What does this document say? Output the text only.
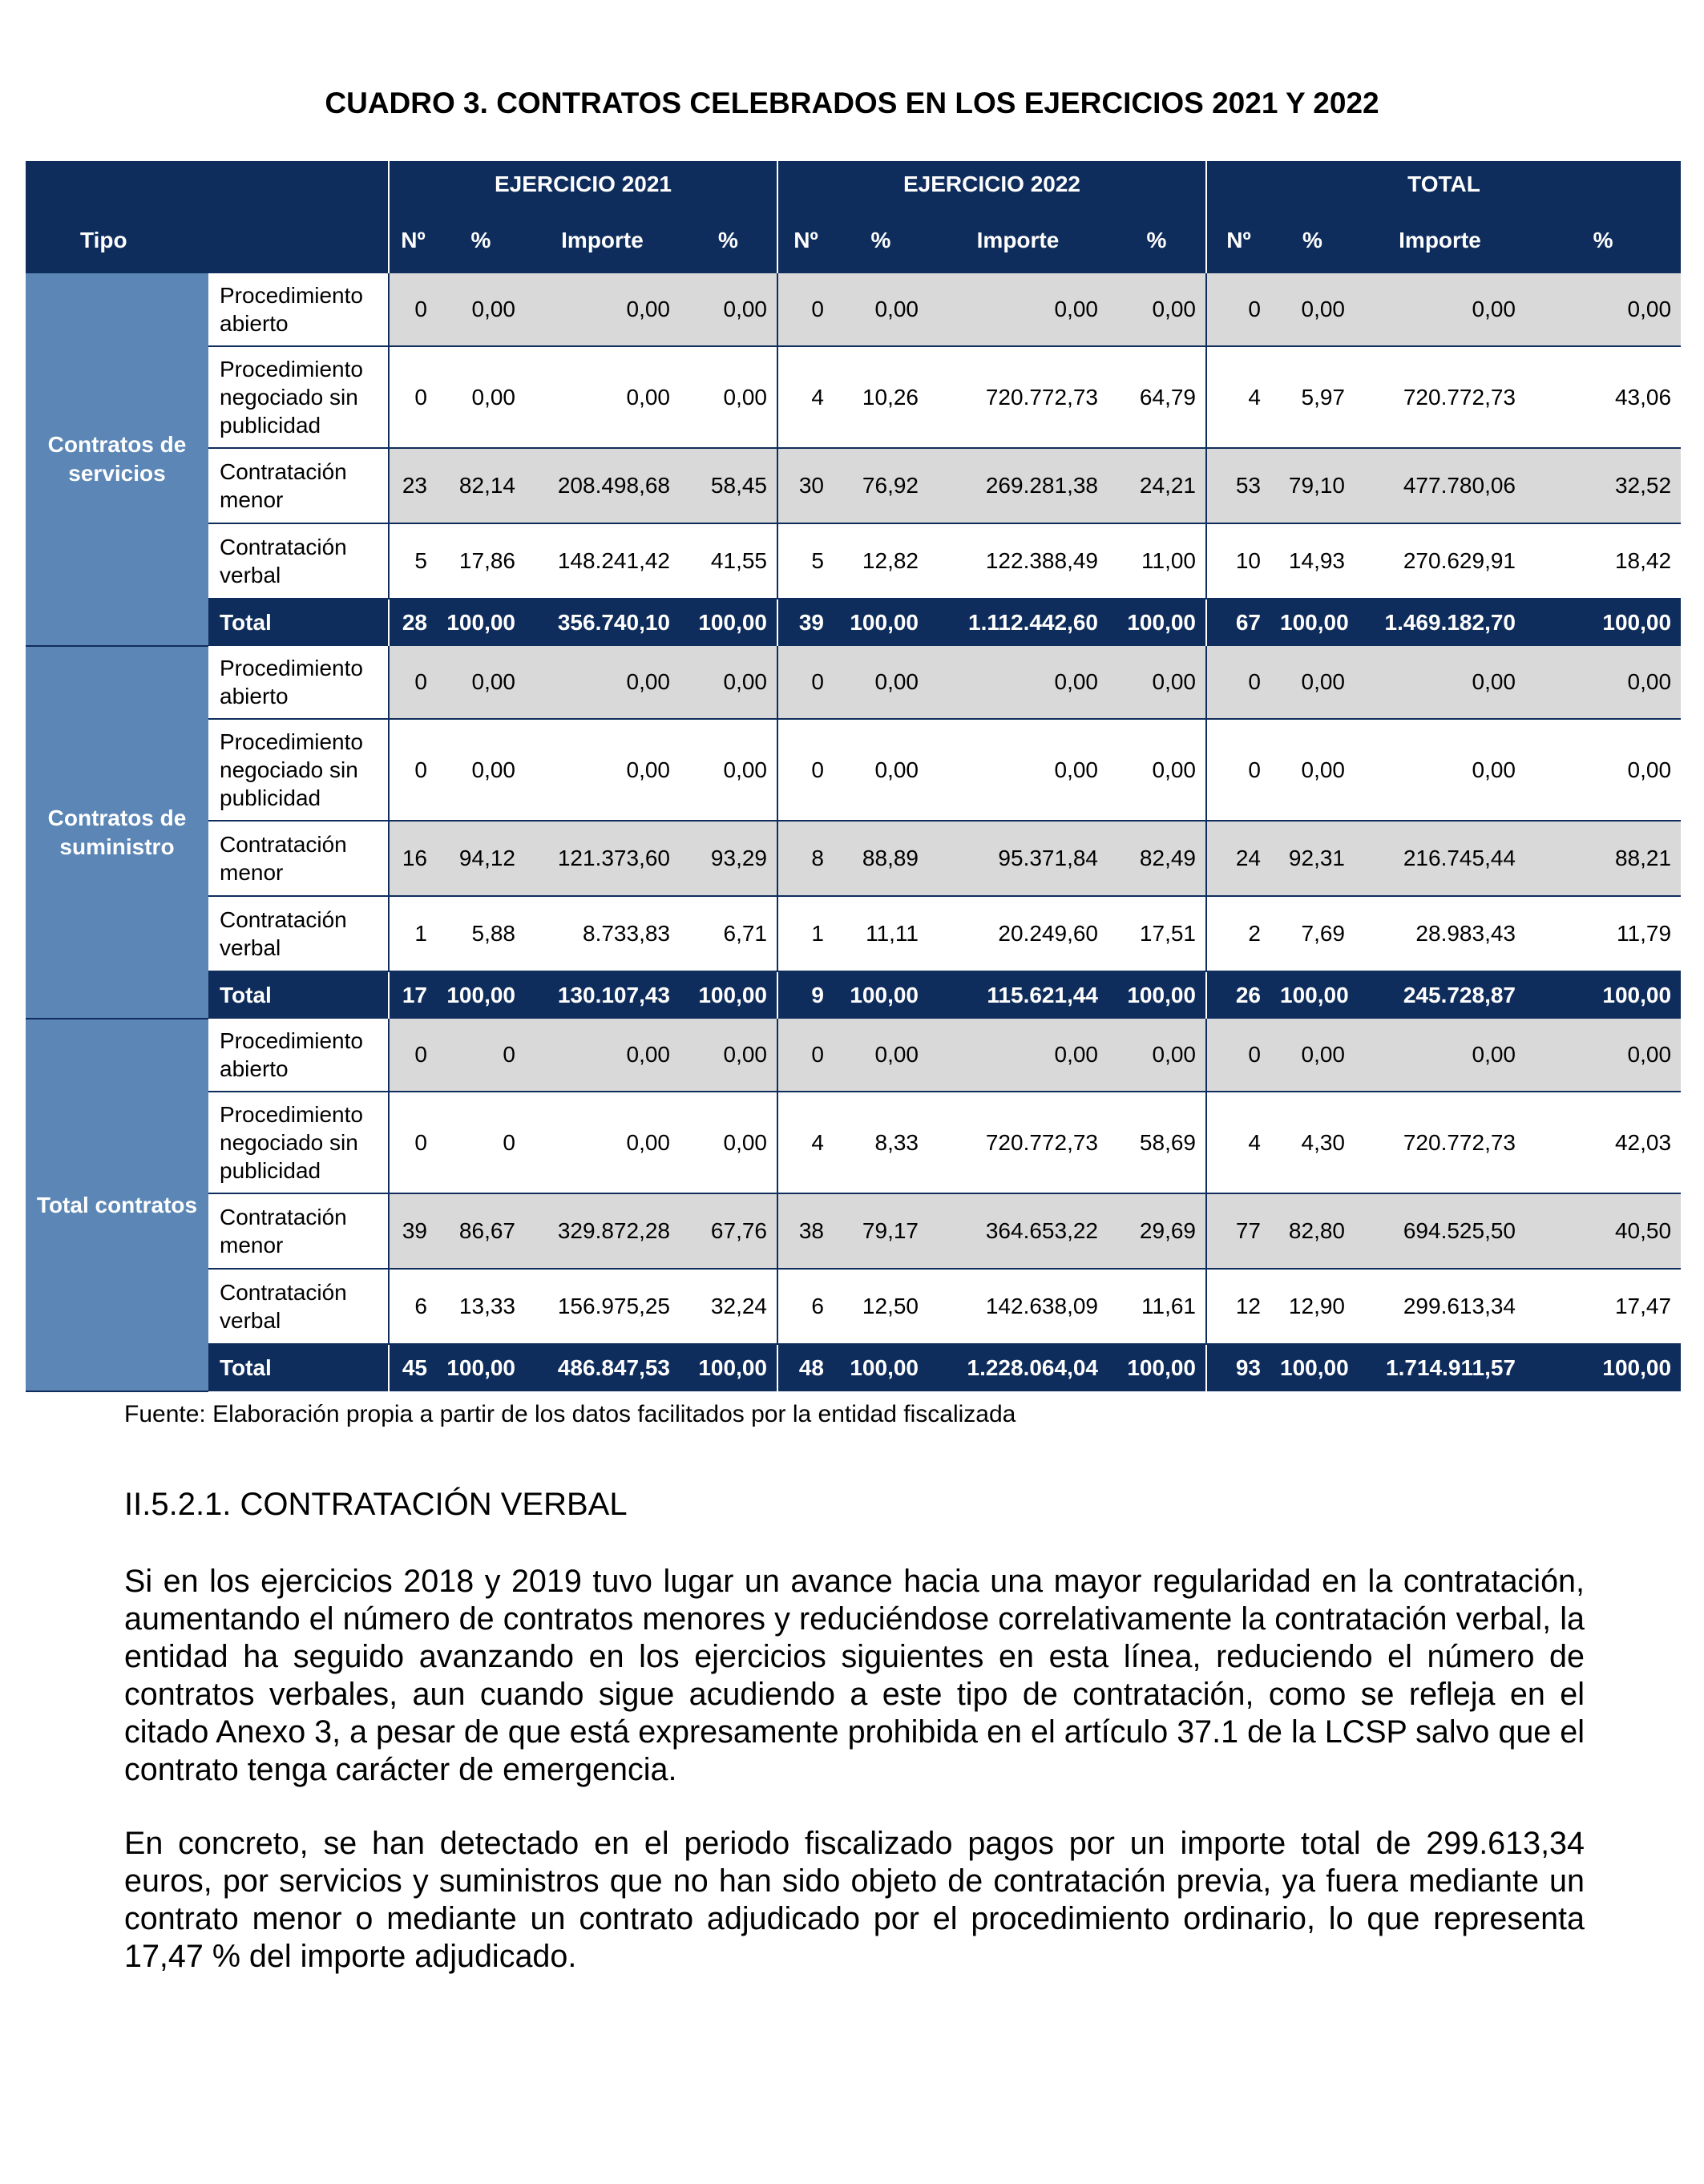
CUADRO 3. CONTRATOS CELEBRADOS EN LOS EJERCICIOS 2021 Y 2022
		EJERCICIO 2021				EJERCICIO 2022				TOTAL			
Tipo		Nº	%	Importe	%	Nº	%	Importe	%	Nº	%	Importe	%
Contratos de servicios	Procedimiento abierto	0	0,00	0,00	0,00	0	0,00	0,00	0,00	0	0,00	0,00	0,00
	Procedimiento negociado sin publicidad	0	0,00	0,00	0,00	4	10,26	720.772,73	64,79	4	5,97	720.772,73	43,06
	Contratación menor	23	82,14	208.498,68	58,45	30	76,92	269.281,38	24,21	53	79,10	477.780,06	32,52
	Contratación verbal	5	17,86	148.241,42	41,55	5	12,82	122.388,49	11,00	10	14,93	270.629,91	18,42
	Total	28	100,00	356.740,10	100,00	39	100,00	1.112.442,60	100,00	67	100,00	1.469.182,70	100,00
Contratos de suministro	Procedimiento abierto	0	0,00	0,00	0,00	0	0,00	0,00	0,00	0	0,00	0,00	0,00
	Procedimiento negociado sin publicidad	0	0,00	0,00	0,00	0	0,00	0,00	0,00	0	0,00	0,00	0,00
	Contratación menor	16	94,12	121.373,60	93,29	8	88,89	95.371,84	82,49	24	92,31	216.745,44	88,21
	Contratación verbal	1	5,88	8.733,83	6,71	1	11,11	20.249,60	17,51	2	7,69	28.983,43	11,79
	Total	17	100,00	130.107,43	100,00	9	100,00	115.621,44	100,00	26	100,00	245.728,87	100,00
Total contratos	Procedimiento abierto	0	0	0,00	0,00	0	0,00	0,00	0,00	0	0,00	0,00	0,00
	Procedimiento negociado sin publicidad	0	0	0,00	0,00	4	8,33	720.772,73	58,69	4	4,30	720.772,73	42,03
	Contratación menor	39	86,67	329.872,28	67,76	38	79,17	364.653,22	29,69	77	82,80	694.525,50	40,50
	Contratación verbal	6	13,33	156.975,25	32,24	6	12,50	142.638,09	11,61	12	12,90	299.613,34	17,47
	Total	45	100,00	486.847,53	100,00	48	100,00	1.228.064,04	100,00	93	100,00	1.714.911,57	100,00
Fuente: Elaboración propia a partir de los datos facilitados por la entidad fiscalizada
II.5.2.1. CONTRATACIÓN VERBAL

Si en los ejercicios 2018 y 2019 tuvo lugar un avance hacia una mayor regularidad en la contratación, aumentando el número de contratos menores y reduciéndose correlativamente la contratación verbal, la entidad ha seguido avanzando en los ejercicios siguientes en esta línea, reduciendo el número de contratos verbales, aun cuando sigue acudiendo a este tipo de contratación, como se refleja en el citado Anexo 3, a pesar de que está expresamente prohibida en el artículo 37.1 de la LCSP salvo que el contrato tenga carácter de emergencia.

En concreto, se han detectado en el periodo fiscalizado pagos por un importe total de 299.613,34 euros, por servicios y suministros que no han sido objeto de contratación previa, ya fuera mediante un contrato menor o mediante un contrato adjudicado por el procedimiento ordinario, lo que representa 17,47 % del importe adjudicado.
